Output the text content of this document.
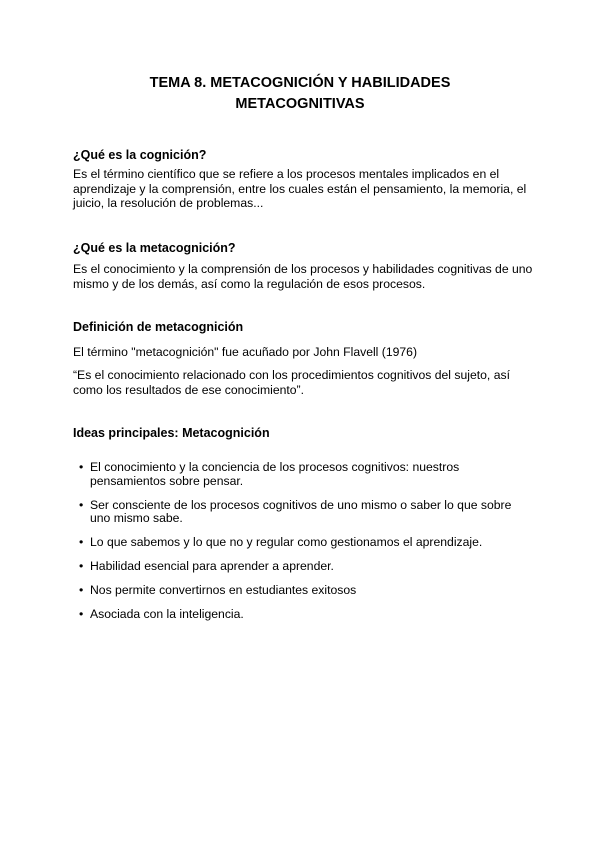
TEMA 8. METACOGNICIÓN Y HABILIDADES
METACOGNITIVAS
¿Qué es la cognición?

Es el término científico que se refiere a los procesos mentales implicados en el aprendizaje y la comprensión, entre los cuales están el pensamiento, la memoria, el juicio, la resolución de problemas...

¿Qué es la metacognición?

Es el conocimiento y la comprensión de los procesos y habilidades cognitivas de uno mismo y de los demás, así como la regulación de esos procesos.

Definición de metacognición

El término "metacognición" fue acuñado por John Flavell (1976)

“Es el conocimiento relacionado con los procedimientos cognitivos del sujeto, así como los resultados de ese conocimiento”.

Ideas principales: Metacognición
• El conocimiento y la conciencia de los procesos cognitivos: nuestros pensamientos sobre pensar.
• Ser consciente de los procesos cognitivos de uno mismo o saber lo que sobre uno mismo sabe.
• Lo que sabemos y lo que no y regular como gestionamos el aprendizaje.
• Habilidad esencial para aprender a aprender.
• Nos permite convertirnos en estudiantes exitosos
• Asociada con la inteligencia.
